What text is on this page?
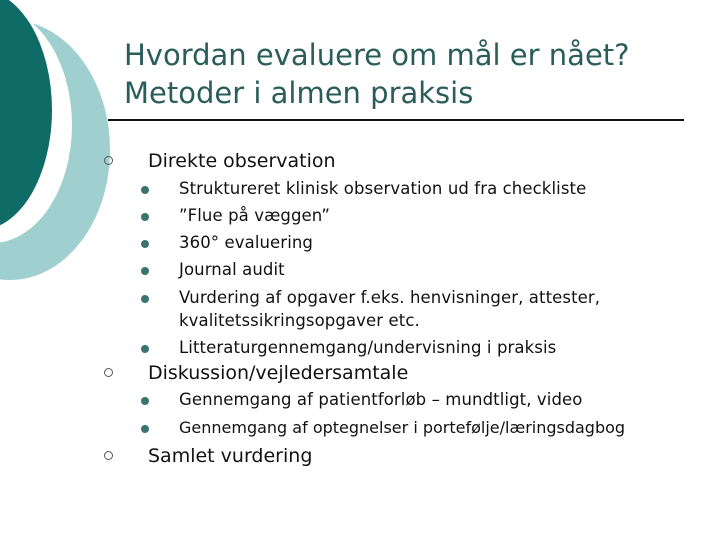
Hvordan evaluere om mål er nået?
Metoder i almen praksis
Direkte observation
Struktureret klinisk observation ud fra checkliste
”Flue på væggen”
360° evaluering
Journal audit
Vurdering af opgaver f.eks. henvisninger, attester,
kvalitetssikringsopgaver etc.
Litteraturgennemgang/undervisning i praksis
Diskussion/vejledersamtale
Gennemgang af patientforløb – mundtligt, video
Gennemgang af optegnelser i portefølje/læringsdagbog
Samlet vurdering
